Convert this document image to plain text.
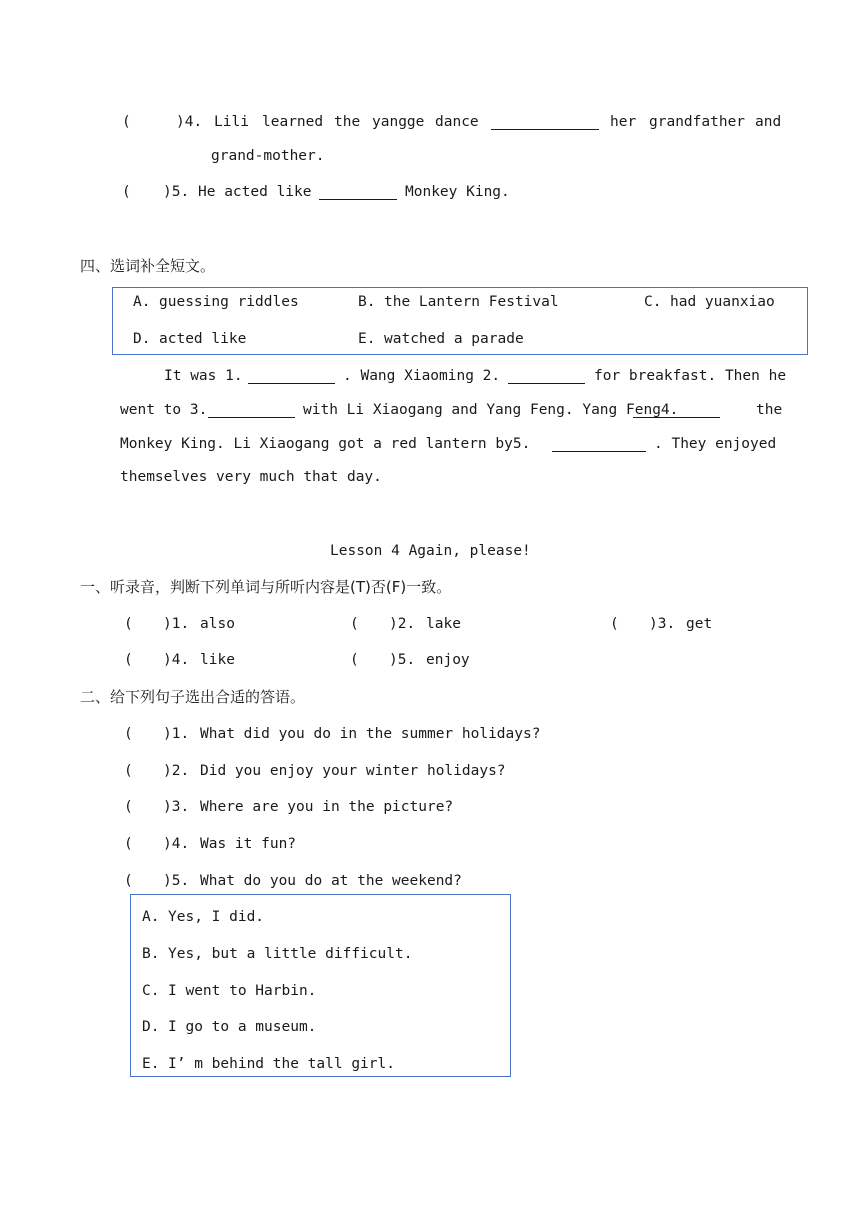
(	)4. Lili learned the yangge dance	her grandfather and
grand-mother.
( )5. He acted like	Monkey King.
四、选词补全短文。
A. guessing riddles	B. the Lantern Festival	C. had yuanxiao
D. acted like	E. watched a parade
It was 1.	. Wang Xiaoming 2.	for breakfast. Then he
went to 3.	with Li Xiaogang and Yang Feng. Yang Feng4.	the
Monkey King. Li Xiaogang got a red lantern by5.	. They enjoyed
themselves very much that day.
Lesson 4 Again, please!
一、听录音，判断下列单词与所听内容是(T)否(F)一致。
( )1. also	( )2. lake	( )3. get
( )4. like	( )5. enjoy
二、给下列句子选出合适的答语。
( )1. What did you do in the summer holidays?
( )2. Did you enjoy your winter holidays?
( )3. Where are you in the picture?
( )4. Was it fun?
( )5. What do you do at the weekend?
A. Yes, I did.
B. Yes, but a little difficult.
C. I went to Harbin.
D. I go to a museum.
E. I’ m behind the tall girl.
